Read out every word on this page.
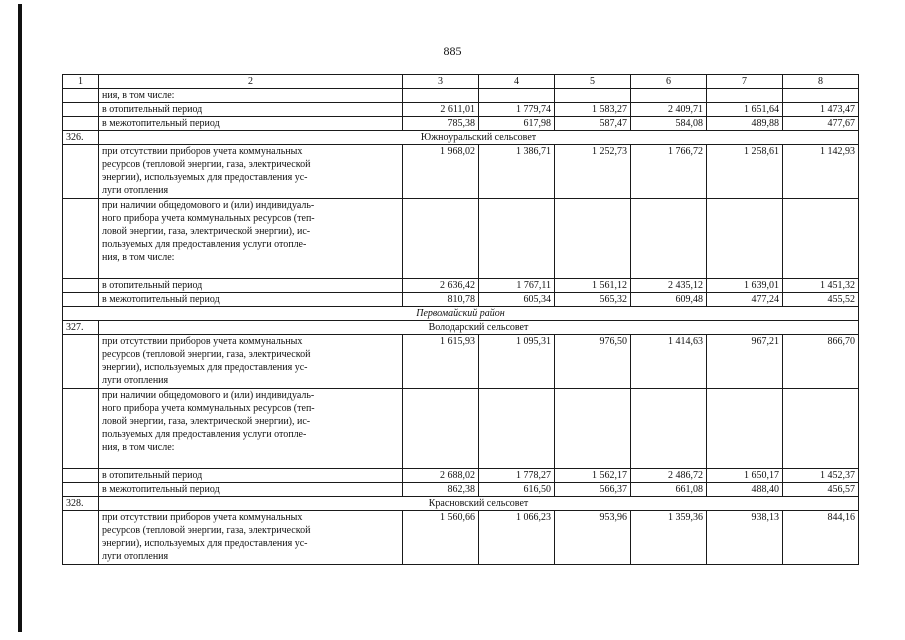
885
1	2	3	4	5	6	7	8
	ния, в том числе:						
	в отопительный период	2 611,01	1 779,74	1 583,27	2 409,71	1 651,64	1 473,47
	в межотопительный период	785,38	617,98	587,47	584,08	489,88	477,67
326.	Южноуральский сельсовет						
	при отсутствии приборов учета коммунальных
ресурсов (тепловой энергии, газа, электрической
энергии), используемых для предоставления ус-
луги отопления	1 968,02	1 386,71	1 252,73	1 766,72	1 258,61	1 142,93
	при наличии общедомового и (или) индивидуаль-
ного прибора учета коммунальных ресурсов (теп-
ловой энергии, газа, электрической энергии), ис-
пользуемых для предоставления услуги отопле-
ния, в том числе:						
	в отопительный период	2 636,42	1 767,11	1 561,12	2 435,12	1 639,01	1 451,32
	в межотопительный период	810,78	605,34	565,32	609,48	477,24	455,52
Первомайский район							
327.	Володарский сельсовет						
	при отсутствии приборов учета коммунальных
ресурсов (тепловой энергии, газа, электрической
энергии), используемых для предоставления ус-
луги отопления	1 615,93	1 095,31	976,50	1 414,63	967,21	866,70
	при наличии общедомового и (или) индивидуаль-
ного прибора учета коммунальных ресурсов (теп-
ловой энергии, газа, электрической энергии), ис-
пользуемых для предоставления услуги отопле-
ния, в том числе:						
	в отопительный период	2 688,02	1 778,27	1 562,17	2 486,72	1 650,17	1 452,37
	в межотопительный период	862,38	616,50	566,37	661,08	488,40	456,57
328.	Красновский сельсовет						
	при отсутствии приборов учета коммунальных
ресурсов (тепловой энергии, газа, электрической
энергии), используемых для предоставления ус-
луги отопления	1 560,66	1 066,23	953,96	1 359,36	938,13	844,16
